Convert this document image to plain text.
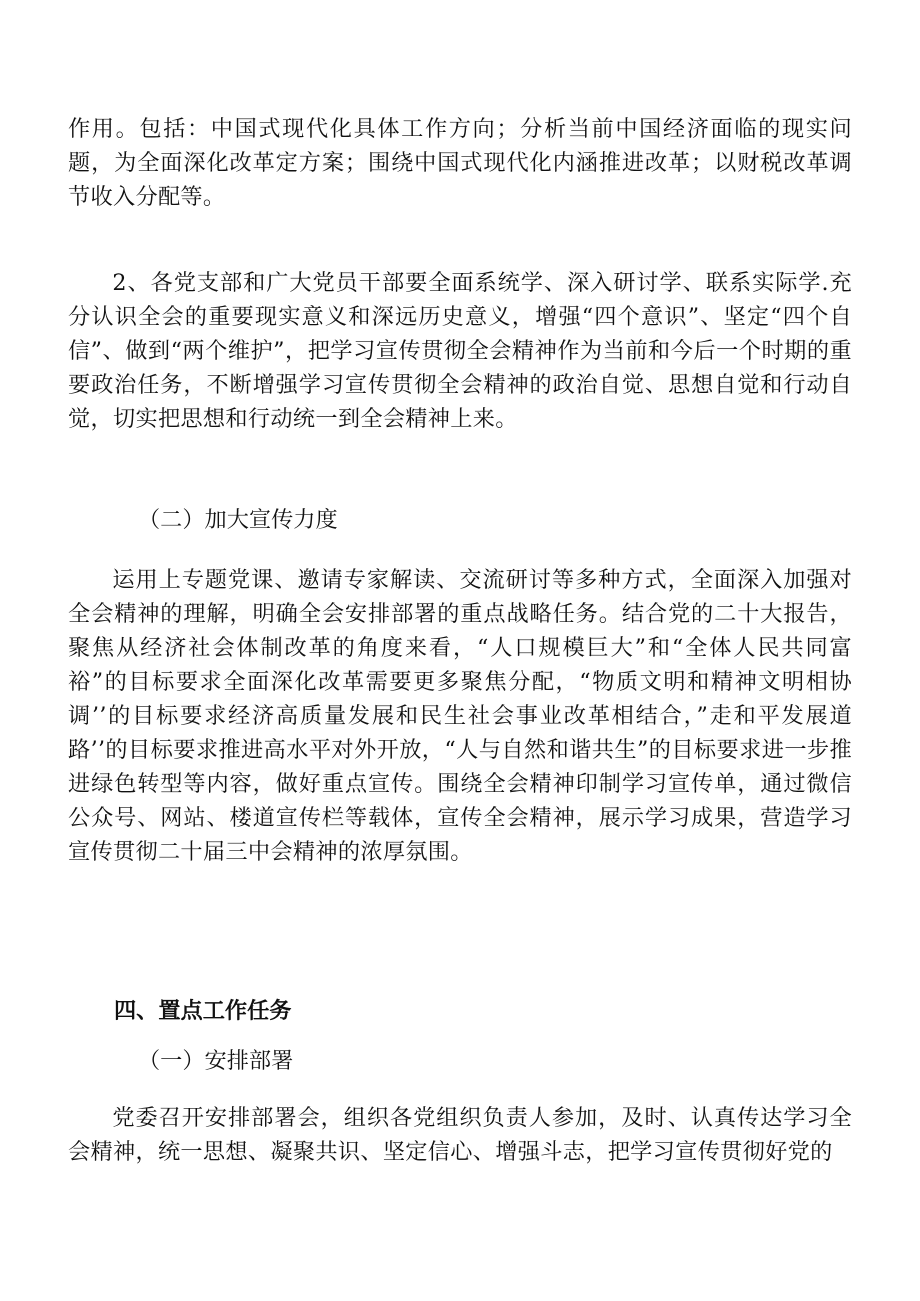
作用。包括：中国式现代化具体工作方向；分析当前中国经济面临的现实问题，为全面深化改革定方案；围绕中国式现代化内涵推进改革；以财税改革调节收入分配等。

2、各党支部和广大党员干部要全面系统学、深入研讨学、联系实际学.充分认识全会的重要现实意义和深远历史意义，增强“四个意识”、坚定“四个自信”、做到“两个维护”，把学习宣传贯彻全会精神作为当前和今后一个时期的重要政治任务，不断增强学习宣传贯彻全会精神的政治自觉、思想自觉和行动自觉，切实把思想和行动统一到全会精神上来。

（二）加大宣传力度

运用上专题党课、邀请专家解读、交流研讨等多种方式，全面深入加强对全会精神的理解，明确全会安排部署的重点战略任务。结合党的二十大报告，聚焦从经济社会体制改革的角度来看，“人口规模巨大”和“全体人民共同富裕”的目标要求全面深化改革需要更多聚焦分配，“物质文明和精神文明相协调’’的目标要求经济高质量发展和民生社会事业改革相结合，”走和平发展道路’’的目标要求推进高水平对外开放，“人与自然和谐共生”的目标要求进一步推进绿色转型等内容，做好重点宣传。围绕全会精神印制学习宣传单，通过微信公众号、网站、楼道宣传栏等载体，宣传全会精神，展示学习成果，营造学习宣传贯彻二十届三中会精神的浓厚氛围。

四、置点工作任务
（一）安排部署

党委召开安排部署会，组织各党组织负责人参加，及时、认真传达学习全会精神，统一思想、凝聚共识、坚定信心、增强斗志，把学习宣传贯彻好党的
